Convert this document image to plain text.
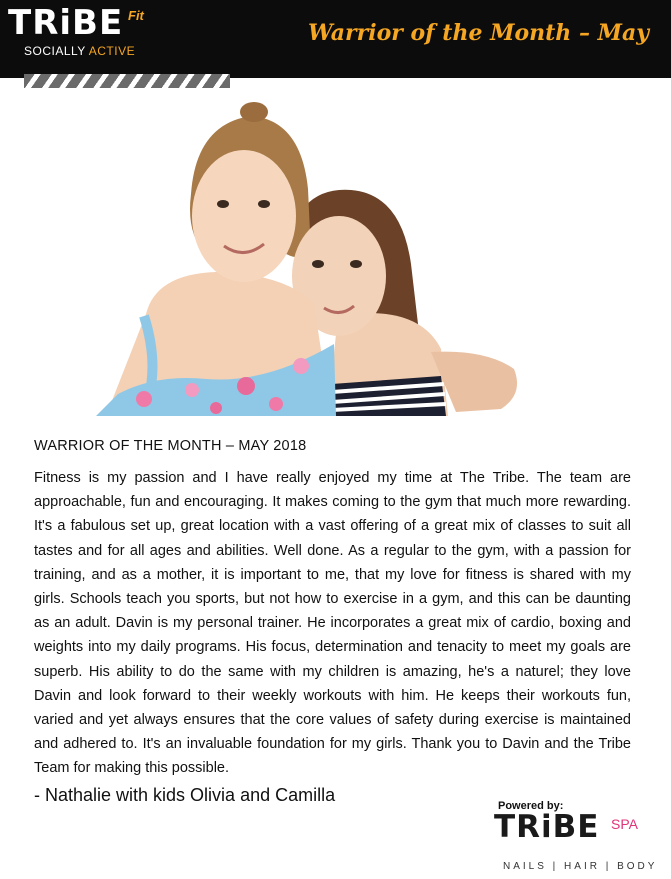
TRiBE Fit
SOCIALLY ACTIVE
Warrior of the Month – May
WARRIOR OF THE MONTH – MAY 2018

Fitness is my passion and I have really enjoyed my time at The Tribe. The team are approachable, fun and encouraging. It makes coming to the gym that much more rewarding. It's a fabulous set up, great location with a vast offering of a great mix of classes to suit all tastes and for all ages and abilities. Well done. As a regular to the gym, with a passion for training, and as a mother, it is important to me, that my love for fitness is shared with my girls. Schools teach you sports, but not how to exercise in a gym, and this can be daunting as an adult. Davin is my personal trainer. He incorporates a great mix of cardio, boxing and weights into my daily programs. His focus, determination and tenacity to meet my goals are superb. His ability to do the same with my children is amazing, he's a naturel; they love Davin and look forward to their weekly workouts with him. He keeps their workouts fun, varied and yet always ensures that the core values of safety during exercise is maintained and adhered to. It's an invaluable foundation for my girls. Thank you to Davin and the Tribe Team for making this possible.

- Nathalie with kids Olivia and Camilla
Powered by:
TRiBE SPA
NAILS | HAIR | BODY
